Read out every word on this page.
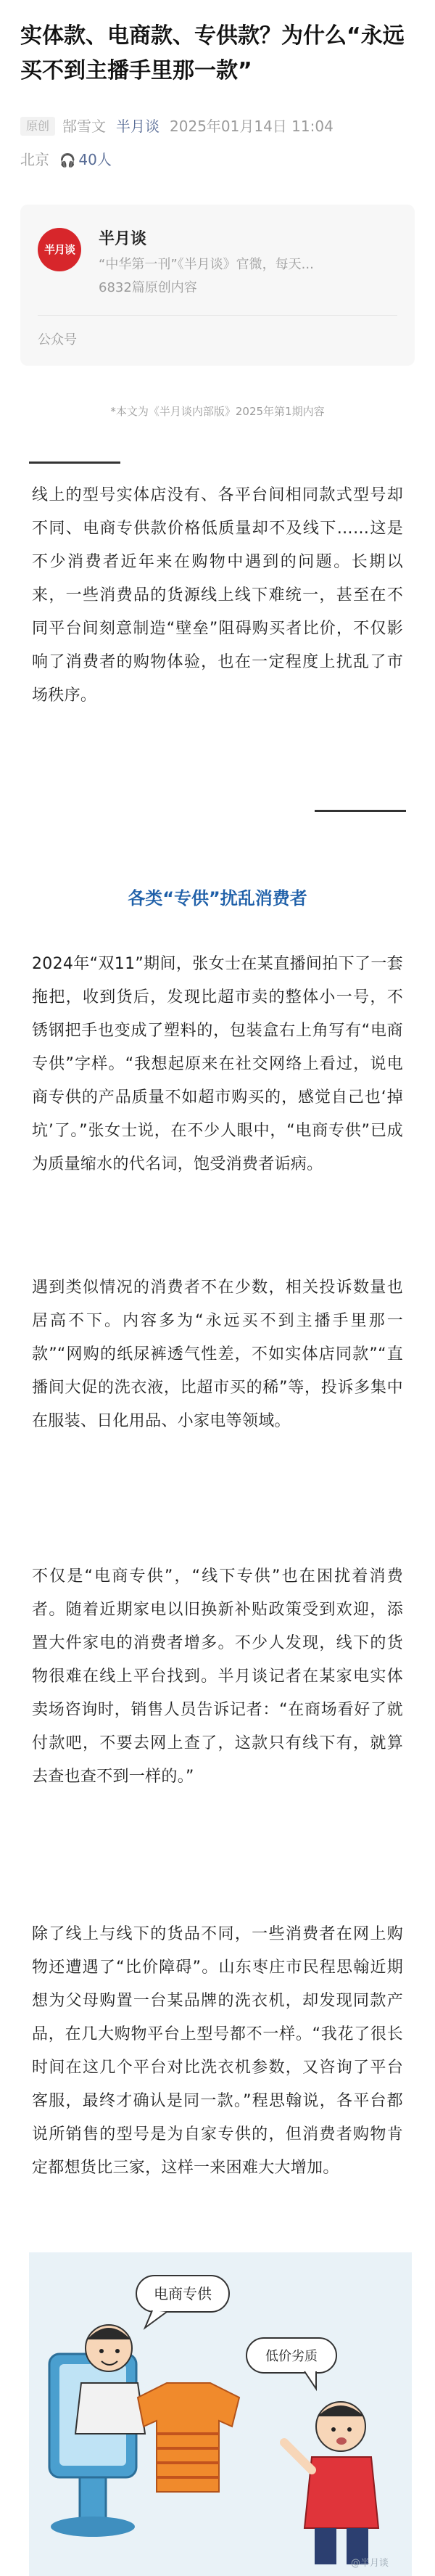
实体款、电商款、专供款？为什么“永远买不到主播手里那一款”
原创 郜雪文 半月谈 2025年01月14日 11:04
北京 🎧 40人
半月谈
半月谈
“中华第一刊”《半月谈》官微，每天...
6832篇原创内容
公众号
*本文为《半月谈内部版》2025年第1期内容

线上的型号实体店没有、各平台间相同款式型号却不同、电商专供款价格低质量却不及线下……这是不少消费者近年来在购物中遇到的问题。长期以来，一些消费品的货源线上线下难统一，甚至在不同平台间刻意制造“壁垒”阻碍购买者比价，不仅影响了消费者的购物体验，也在一定程度上扰乱了市场秩序。

各类“专供”扰乱消费者

2024年“双11”期间，张女士在某直播间拍下了一套拖把，收到货后，发现比超市卖的整体小一号，不锈钢把手也变成了塑料的，包装盒右上角写有“电商专供”字样。“我想起原来在社交网络上看过，说电商专供的产品质量不如超市购买的，感觉自己也‘掉坑’了。”张女士说，在不少人眼中，“电商专供”已成为质量缩水的代名词，饱受消费者诟病。

遇到类似情况的消费者不在少数，相关投诉数量也居高不下。内容多为“永远买不到主播手里那一款”“网购的纸尿裤透气性差，不如实体店同款”“直播间大促的洗衣液，比超市买的稀”等，投诉多集中在服装、日化用品、小家电等领域。

不仅是“电商专供”，“线下专供”也在困扰着消费者。随着近期家电以旧换新补贴政策受到欢迎，添置大件家电的消费者增多。不少人发现，线下的货物很难在线上平台找到。半月谈记者在某家电实体卖场咨询时，销售人员告诉记者：“在商场看好了就付款吧，不要去网上查了，这款只有线下有，就算去查也查不到一样的。”

除了线上与线下的货品不同，一些消费者在网上购物还遭遇了“比价障碍”。山东枣庄市民程思翰近期想为父母购置一台某品牌的洗衣机，却发现同款产品，在几大购物平台上型号都不一样。“我花了很长时间在这几个平台对比洗衣机参数，又咨询了平台客服，最终才确认是同一款。”程思翰说，各平台都说所销售的型号是为自家专供的，但消费者购物肯定都想货比三家，这样一来困难大大增加。

电商专供
低价劣质
@半月谈
